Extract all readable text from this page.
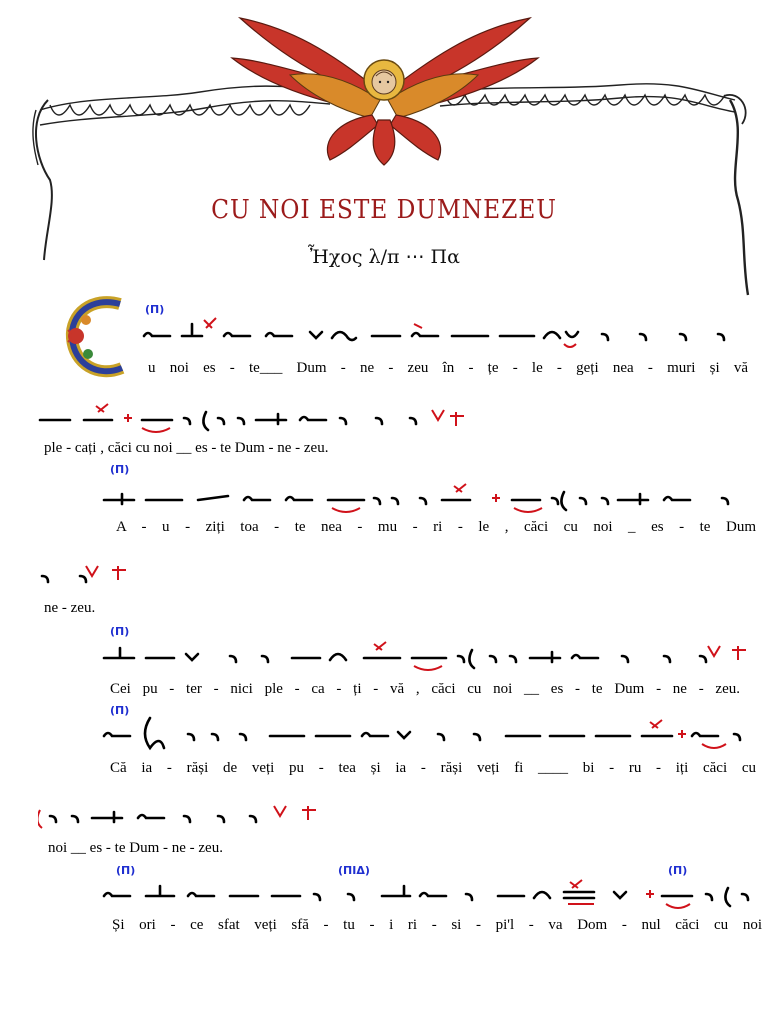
CU NOI ESTE DUMNEZEU
Ἦχος λ/π ⋯ Πα
(П)
(П)
(П)
(П)
(П)	(ПIΔ)	(П)
u noi es - te___ Dum - ne - zeu în - țe - le - geți nea - muri și vă
ple - cați , căci cu noi __ es - te Dum - ne - zeu.
A - u - ziți toa - te nea - mu - ri - le , căci cu noi _ es - te Dum
ne - zeu.
Cei pu - ter - nici ple - ca - ți - vă , căci cu noi __ es - te Dum - ne - zeu.
Că ia - răși de veți pu - tea și ia - răși veți fi ____ bi - ru - iți căci cu
noi __ es - te Dum - ne - zeu.
Și ori - ce sfat veți sfă - tu - i ri - si - pi'l - va Dom - nul căci cu noi
